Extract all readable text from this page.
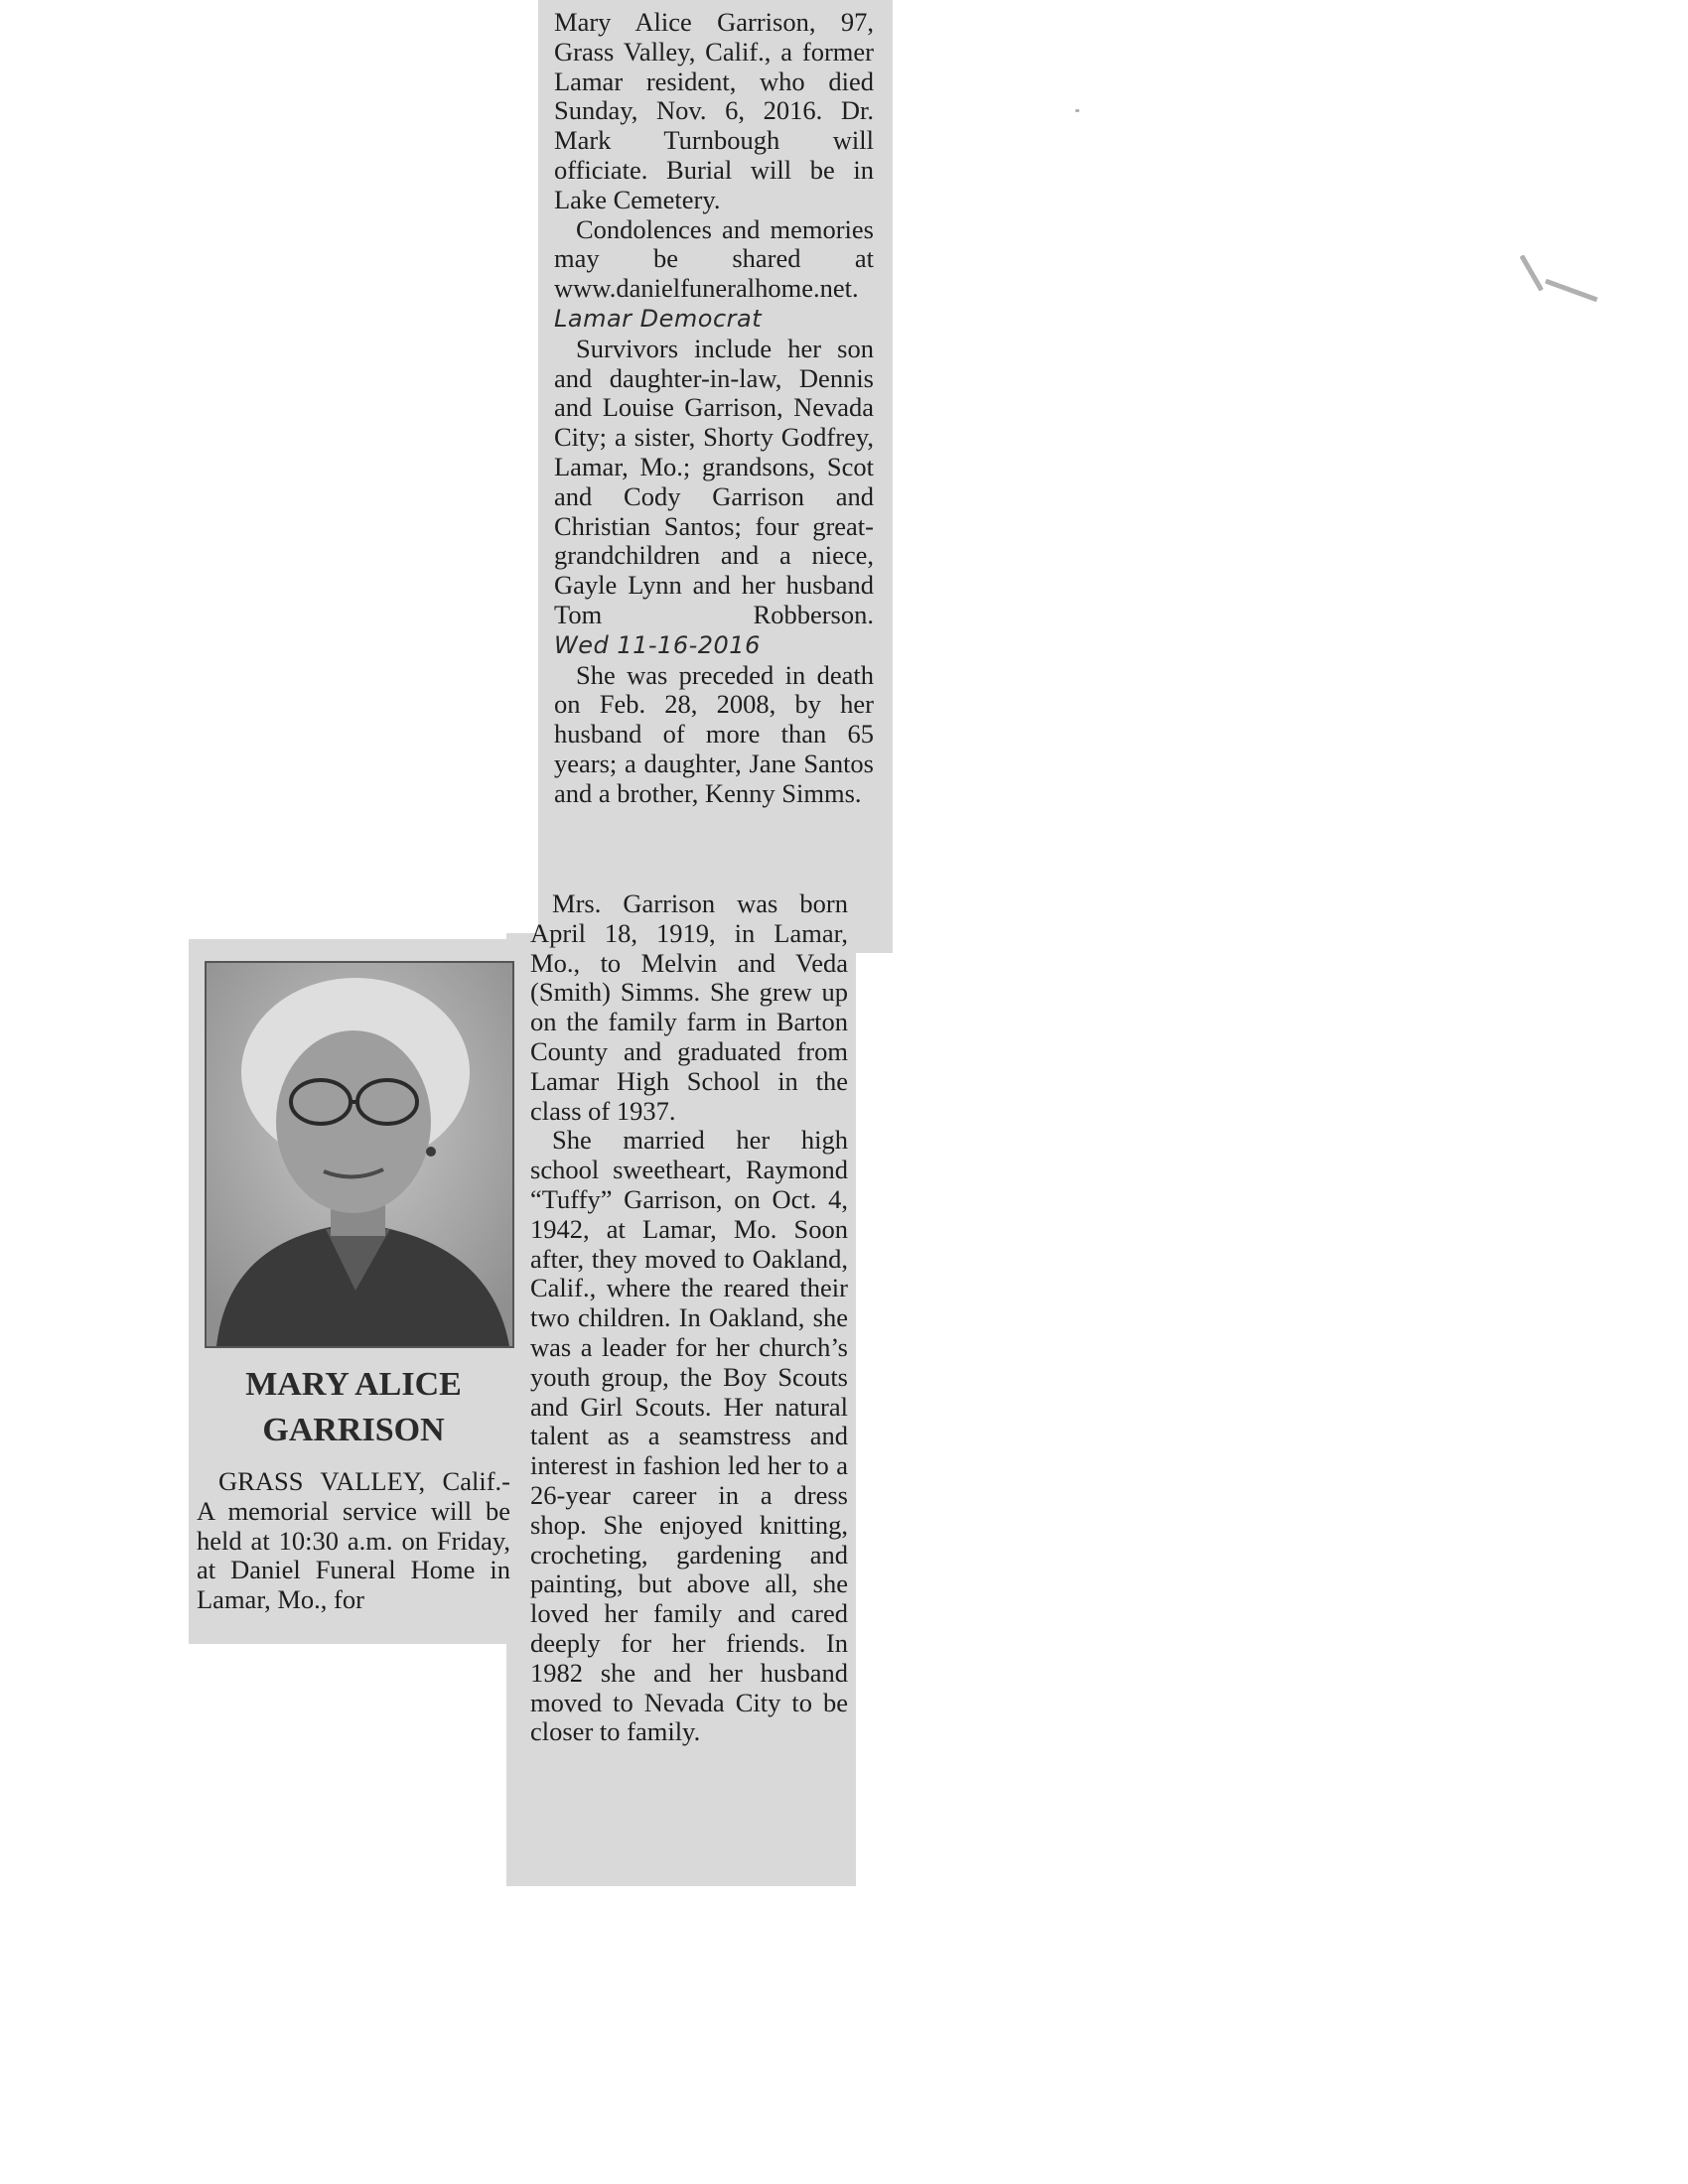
Mary Alice Garrison, 97, Grass Valley, Calif., a former Lamar resident, who died Sunday, Nov. 6, 2016. Dr. Mark Turnbough will officiate. Burial will be in Lake Cemetery.

Condolences and memories may be shared at www.danielfuneralhome.net. Lamar Democrat

Survivors include her son and daughter-in-law, Dennis and Louise Garrison, Nevada City; a sister, Shorty Godfrey, Lamar, Mo.; grandsons, Scot and Cody Garrison and Christian Santos; four great-grandchildren and a niece, Gayle Lynn and her husband Tom Robberson. Wed 11-16-2016

She was preceded in death on Feb. 28, 2008, by her husband of more than 65 years; a daughter, Jane Santos and a brother, Kenny Simms.

Mrs. Garrison was born April 18, 1919, in Lamar, Mo., to Melvin and Veda (Smith) Simms. She grew up on the family farm in Barton County and graduated from Lamar High School in the class of 1937.

She married her high school sweetheart, Raymond “Tuffy” Garrison, on Oct. 4, 1942, at Lamar, Mo. Soon after, they moved to Oakland, Calif., where the reared their two children. In Oakland, she was a leader for her church’s youth group, the Boy Scouts and Girl Scouts. Her natural talent as a seamstress and interest in fashion led her to a 26-year career in a dress shop. She enjoyed knitting, crocheting, gardening and painting, but above all, she loved her family and cared deeply for her friends. In 1982 she and her husband moved to Nevada City to be closer to family.

MARY ALICE
GARRISON

GRASS VALLEY, Calif.- A memorial service will be held at 10:30 a.m. on Friday, at Daniel Funeral Home in Lamar, Mo., for
